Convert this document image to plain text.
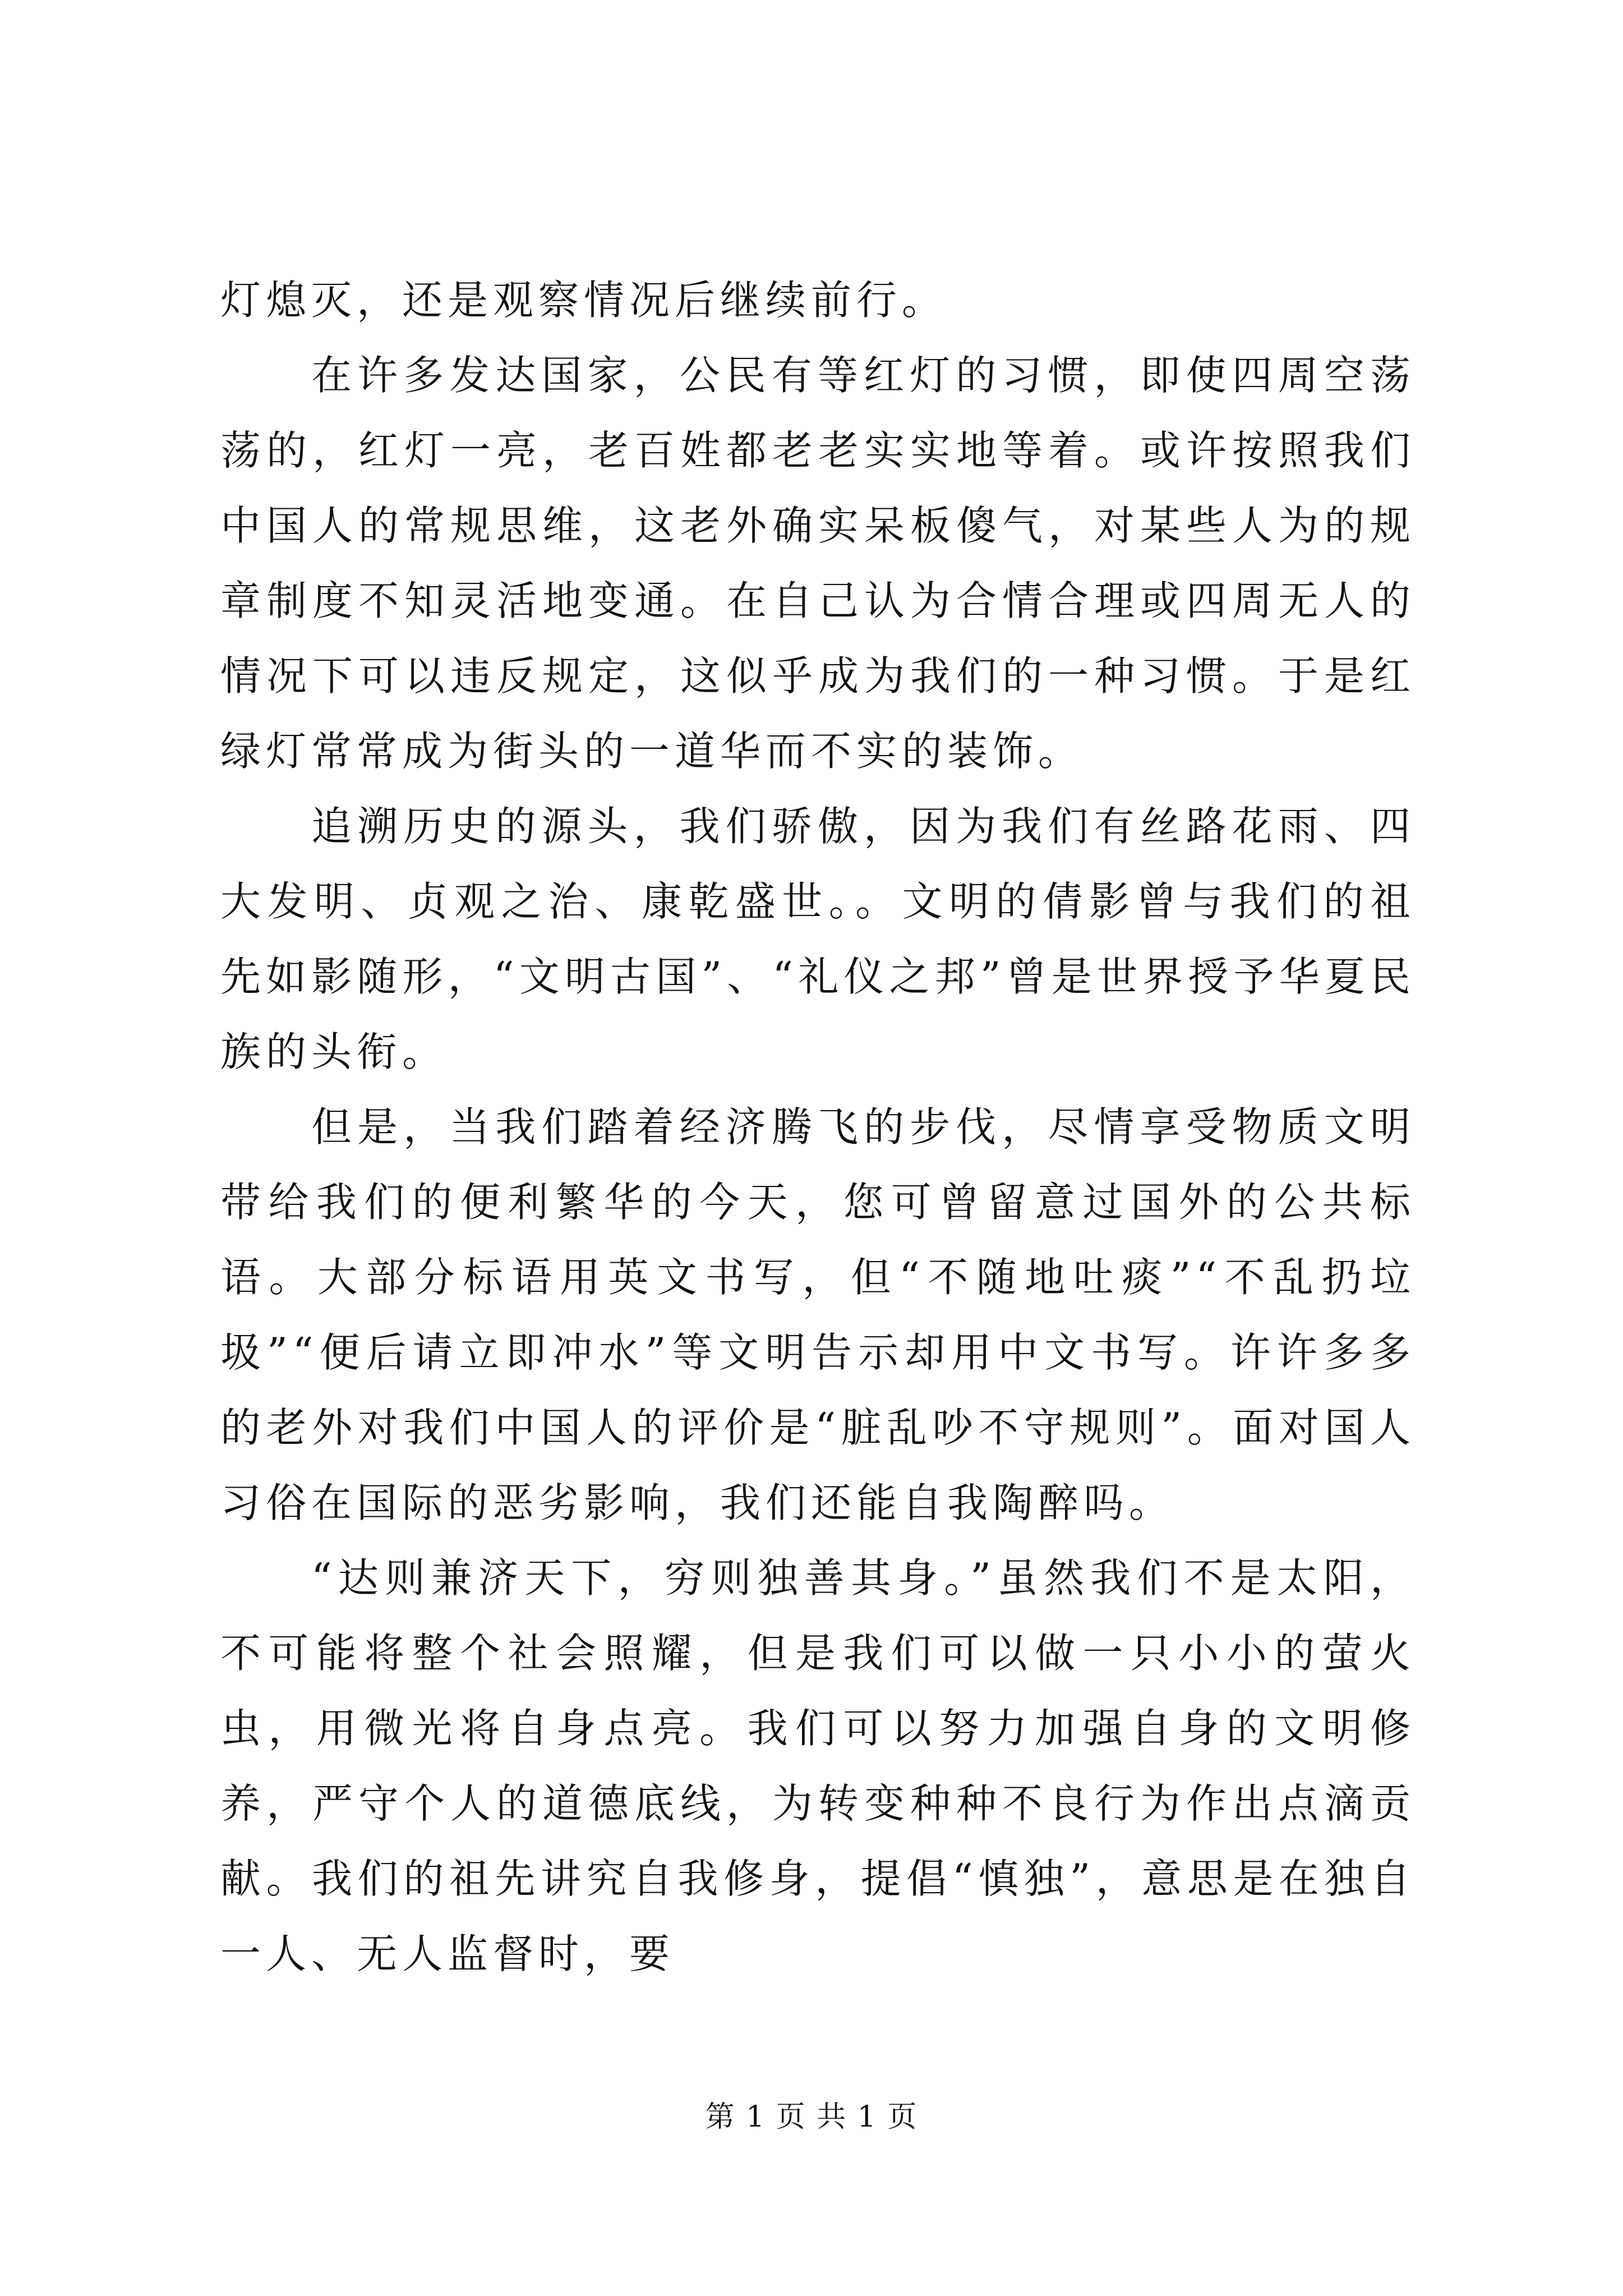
灯熄灭，还是观察情况后继续前行。

在许多发达国家，公民有等红灯的习惯，即使四周空荡荡的，红灯一亮，老百姓都老老实实地等着。或许按照我们中国人的常规思维，这老外确实呆板傻气，对某些人为的规章制度不知灵活地变通。在自己认为合情合理或四周无人的情况下可以违反规定，这似乎成为我们的一种习惯。于是红绿灯常常成为街头的一道华而不实的装饰。

追溯历史的源头，我们骄傲，因为我们有丝路花雨、四大发明、贞观之治、康乾盛世。。文明的倩影曾与我们的祖先如影随形，“文明古国”、“礼仪之邦”曾是世界授予华夏民族的头衔。

但是，当我们踏着经济腾飞的步伐，尽情享受物质文明带给我们的便利繁华的今天，您可曾留意过国外的公共标语。大部分标语用英文书写，但“不随地吐痰”“不乱扔垃圾”“便后请立即冲水”等文明告示却用中文书写。许许多多的老外对我们中国人的评价是“脏乱吵不守规则”。面对国人习俗在国际的恶劣影响，我们还能自我陶醉吗。

“达则兼济天下，穷则独善其身。”虽然我们不是太阳，不可能将整个社会照耀，但是我们可以做一只小小的萤火虫，用微光将自身点亮。我们可以努力加强自身的文明修养，严守个人的道德底线，为转变种种不良行为作出点滴贡献。我们的祖先讲究自我修身，提倡“慎独”，意思是在独自一人、无人监督时，要

第 1 页 共 1 页
